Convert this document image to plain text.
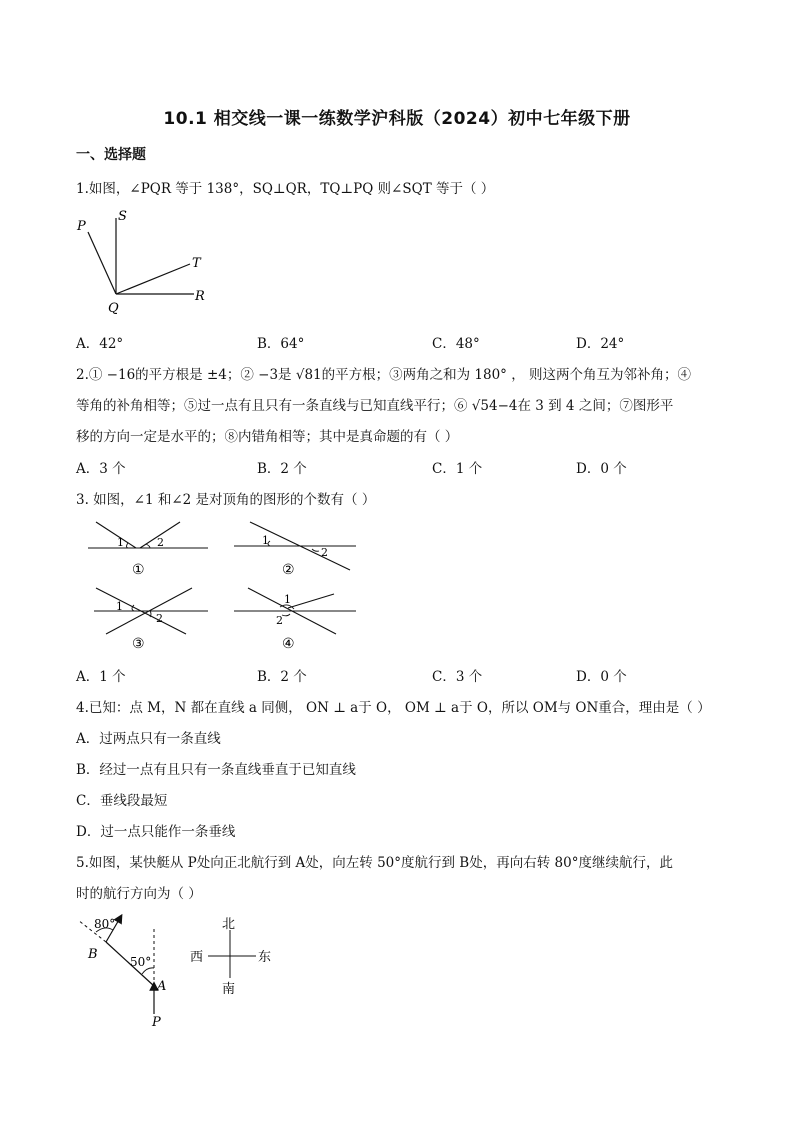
10.1 相交线一课一练数学沪科版（2024）初中七年级下册
一、选择题
1.如图，∠PQR 等于 138°，SQ⊥QR，TQ⊥PQ 则∠SQT 等于（ ）
P
S
T
Q
R
A．42°	B．64°	C．48°	D．24°
2.① −16的平方根是 ±4；② −3是 √81的平方根；③两角之和为 180° ， 则这两个角互为邻补角；④
等角的补角相等；⑤过一点有且只有一条直线与已知直线平行；⑥ √54−4在 3 到 4 之间；⑦图形平
移的方向一定是水平的；⑧内错角相等；其中是真命题的有（ ）
A．3 个	B．2 个	C．1 个	D．0 个
3. 如图，∠1 和∠2 是对顶角的图形的个数有（ ）
1	2
①
1
2
②
1
2
③
1
2
④
A．1 个	B．2 个	C．3 个	D．0 个
4.已知：点 M，N 都在直线 a 同侧， ON ⊥ a于 O， OM ⊥ a于 O，所以 OM与 ON重合，理由是（ ）
A．过两点只有一条直线
B．经过一点有且只有一条直线垂直于已知直线
C．垂线段最短
D．过一点只能作一条垂线
5.如图，某快艇从 P处向正北航行到 A处，向左转 50°度航行到 B处，再向右转 80°度继续航行，此
时的航行方向为（ ）
80°
50°
B
A
P
北
南
西	东
